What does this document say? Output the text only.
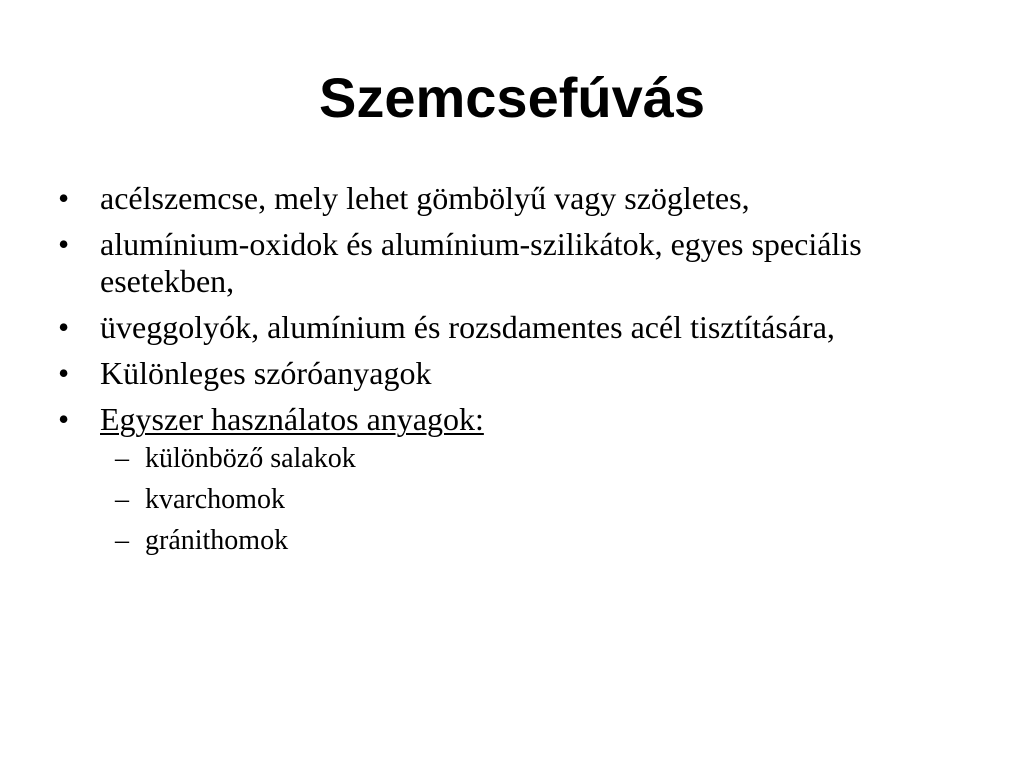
Szemcsefúvás
• acélszemcse, mely lehet gömbölyű vagy szögletes,
• alumínium-oxidok és alumínium-szilikátok, egyes speciális esetekben,
• üveggolyók, alumínium és rozsdamentes acél tisztítására,
• Különleges szóróanyagok
• Egyszer használatos anyagok:
– különböző salakok
– kvarchomok
– gránithomok
